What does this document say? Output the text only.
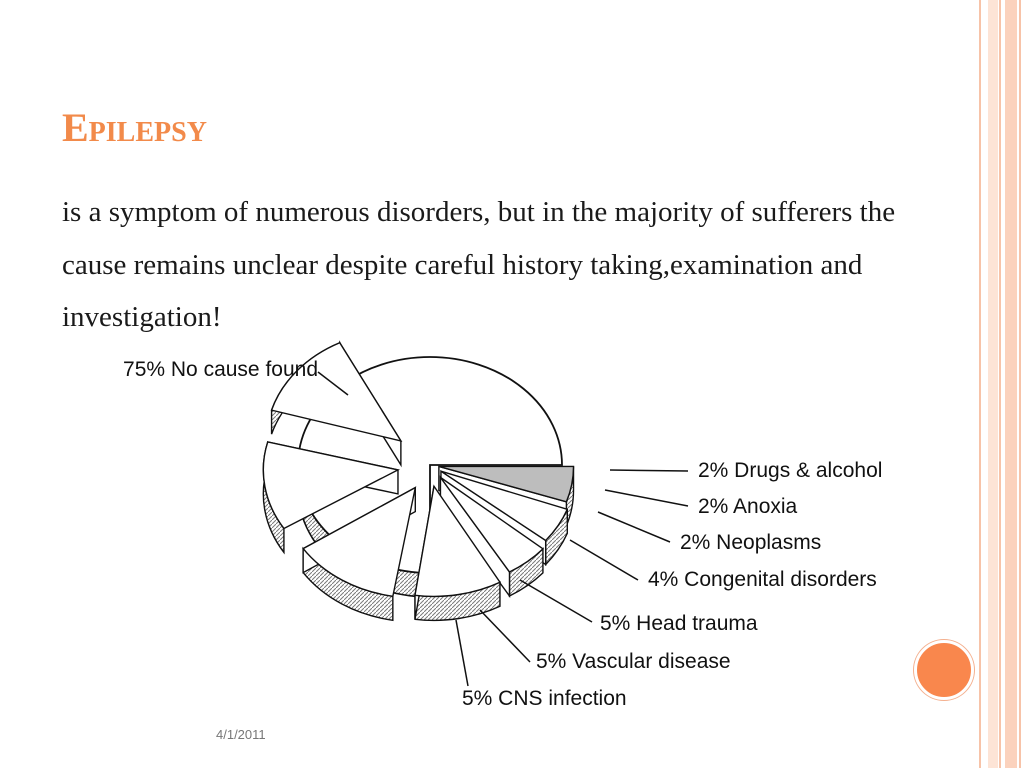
Epilepsy

is a symptom of numerous disorders, but in the majority of sufferers the cause remains unclear despite careful history taking,examination and investigation!

75% No cause found
2% Drugs & alcohol
2% Anoxia
2% Neoplasms
4% Congenital disorders
5% Head trauma
5% Vascular disease
5% CNS infection
4/1/2011
